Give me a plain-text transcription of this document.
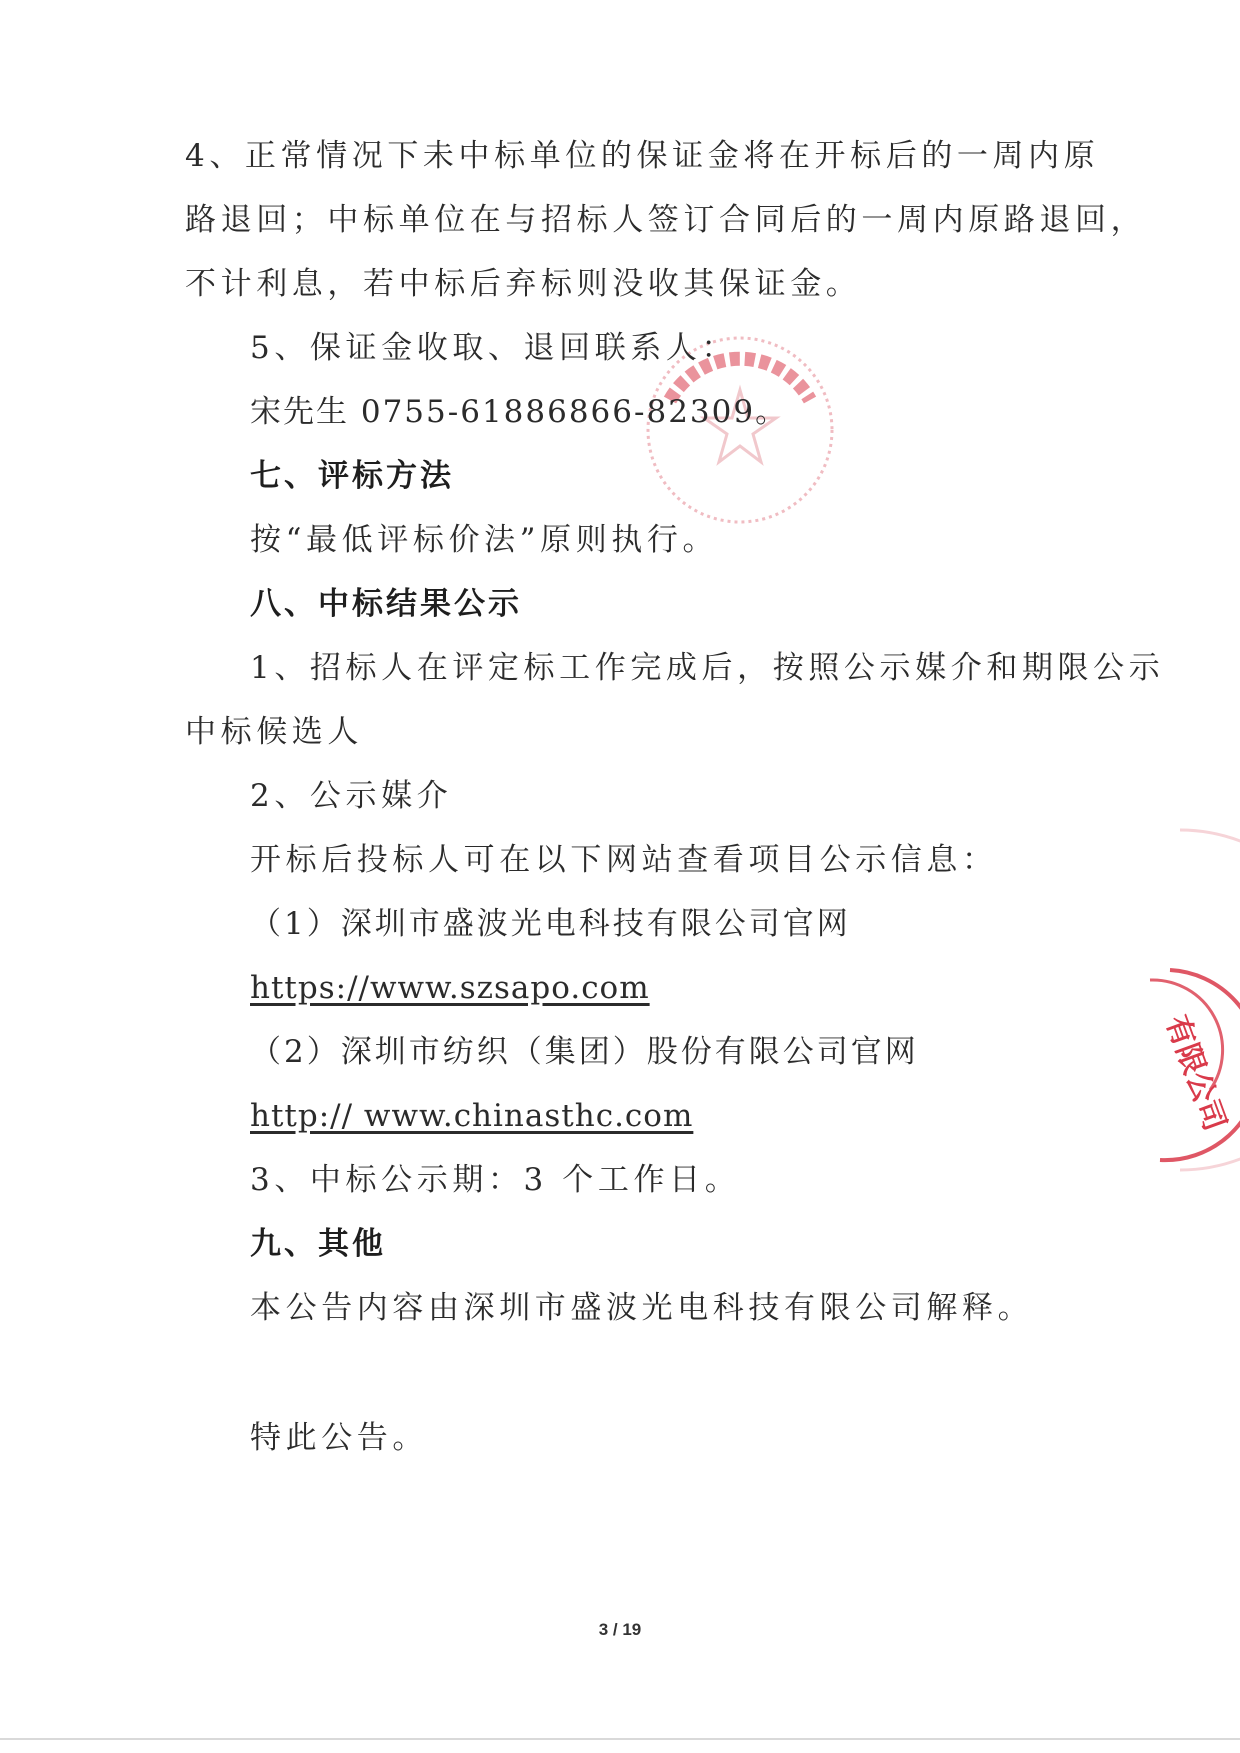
有限公司

4、正常情况下未中标单位的保证金将在开标后的一周内原

路退回；中标单位在与招标人签订合同后的一周内原路退回，

不计利息，若中标后弃标则没收其保证金。

5、保证金收取、退回联系人：

宋先生 0755-61886866-82309。

七、评标方法

按“最低评标价法”原则执行。

八、中标结果公示

1、招标人在评定标工作完成后，按照公示媒介和期限公示

中标候选人

2、公示媒介

开标后投标人可在以下网站查看项目公示信息：

（1）深圳市盛波光电科技有限公司官网

https://www.szsapo.com

（2）深圳市纺织（集团）股份有限公司官网

http:// www.chinasthc.com

3、中标公示期：3 个工作日。

九、其他

本公告内容由深圳市盛波光电科技有限公司解释。

特此公告。

3 / 19
